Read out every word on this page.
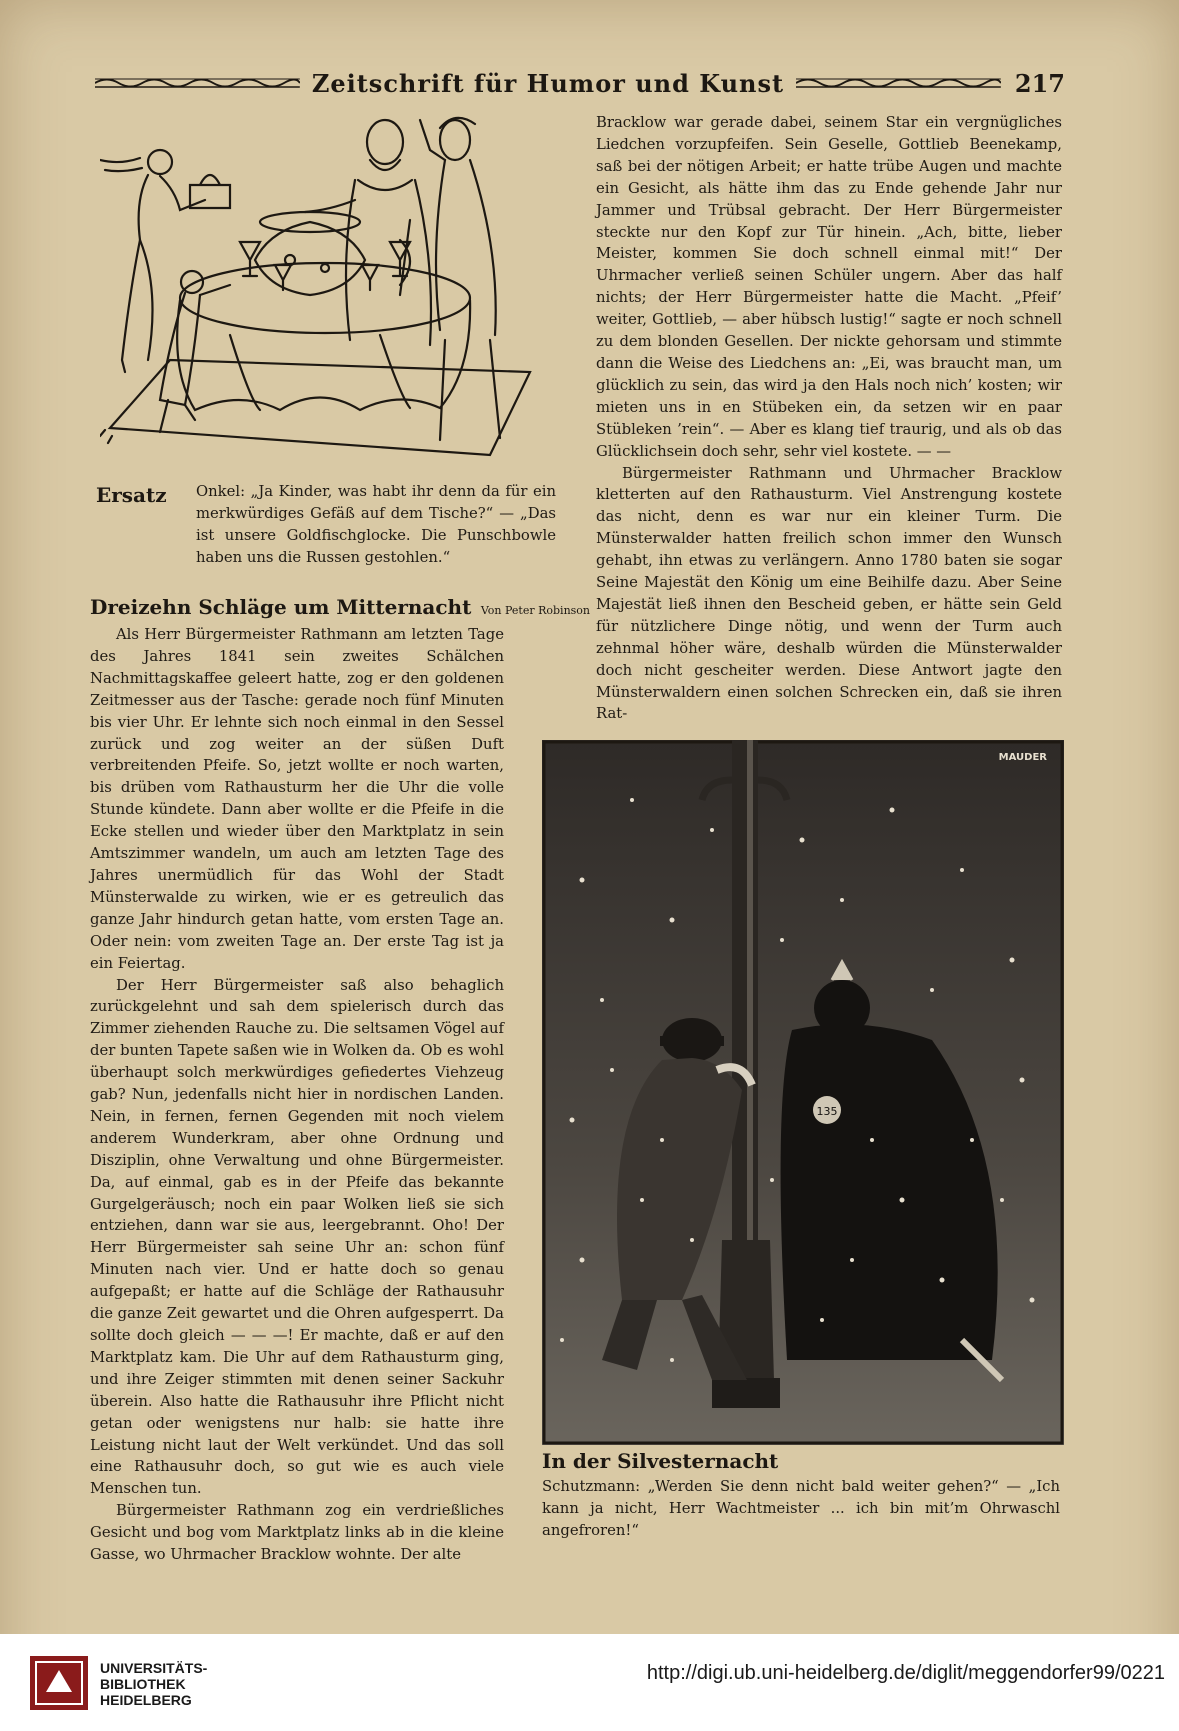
Zeitschrift für Humor und Kunst	217
Ersatz Onkel: „Ja Kinder, was habt ihr denn da für ein merkwürdiges Gefäß auf dem Tische?“ — „Das ist unsere Goldfischglocke. Die Punschbowle haben uns die Russen gestohlen.“
Dreizehn Schläge um Mitternacht Von Peter Robinson

Als Herr Bürgermeister Rathmann am letzten Tage des Jahres 1841 sein zweites Schälchen Nachmittagskaffee geleert hatte, zog er den goldenen Zeitmesser aus der Tasche: gerade noch fünf Minuten bis vier Uhr. Er lehnte sich noch einmal in den Sessel zurück und zog weiter an der süßen Duft verbreitenden Pfeife. So, jetzt wollte er noch warten, bis drüben vom Rathausturm her die Uhr die volle Stunde kündete. Dann aber wollte er die Pfeife in die Ecke stellen und wieder über den Marktplatz in sein Amtszimmer wandeln, um auch am letzten Tage des Jahres unermüdlich für das Wohl der Stadt Münsterwalde zu wirken, wie er es getreulich das ganze Jahr hindurch getan hatte, vom ersten Tage an. Oder nein: vom zweiten Tage an. Der erste Tag ist ja ein Feiertag.

Der Herr Bürgermeister saß also behaglich zurückgelehnt und sah dem spielerisch durch das Zimmer ziehenden Rauche zu. Die seltsamen Vögel auf der bunten Tapete saßen wie in Wolken da. Ob es wohl überhaupt solch merkwürdiges gefiedertes Viehzeug gab? Nun, jedenfalls nicht hier in nordischen Landen. Nein, in fernen, fernen Gegenden mit noch vielem anderem Wunderkram, aber ohne Ordnung und Disziplin, ohne Verwaltung und ohne Bürgermeister. Da, auf einmal, gab es in der Pfeife das bekannte Gurgelgeräusch; noch ein paar Wolken ließ sie sich entziehen, dann war sie aus, leergebrannt. Oho! Der Herr Bürgermeister sah seine Uhr an: schon fünf Minuten nach vier. Und er hatte doch so genau aufgepaßt; er hatte auf die Schläge der Rathausuhr die ganze Zeit gewartet und die Ohren aufgesperrt. Da sollte doch gleich — — —! Er machte, daß er auf den Marktplatz kam. Die Uhr auf dem Rathausturm ging, und ihre Zeiger stimmten mit denen seiner Sackuhr überein. Also hatte die Rathausuhr ihre Pflicht nicht getan oder wenigstens nur halb: sie hatte ihre Leistung nicht laut der Welt verkündet. Und das soll eine Rathausuhr doch, so gut wie es auch viele Menschen tun.

Bürgermeister Rathmann zog ein verdrießliches Gesicht und bog vom Marktplatz links ab in die kleine Gasse, wo Uhrmacher Bracklow wohnte. Der alte

Bracklow war gerade dabei, seinem Star ein vergnügliches Liedchen vorzupfeifen. Sein Geselle, Gottlieb Beenekamp, saß bei der nötigen Arbeit; er hatte trübe Augen und machte ein Gesicht, als hätte ihm das zu Ende gehende Jahr nur Jammer und Trübsal gebracht. Der Herr Bürgermeister steckte nur den Kopf zur Tür hinein. „Ach, bitte, lieber Meister, kommen Sie doch schnell einmal mit!“ Der Uhrmacher verließ seinen Schüler ungern. Aber das half nichts; der Herr Bürgermeister hatte die Macht. „Pfeif’ weiter, Gottlieb, — aber hübsch lustig!“ sagte er noch schnell zu dem blonden Gesellen. Der nickte gehorsam und stimmte dann die Weise des Liedchens an: „Ei, was braucht man, um glücklich zu sein, das wird ja den Hals noch nich’ kosten; wir mieten uns in en Stübeken ein, da setzen wir en paar Stübleken ’rein“. — Aber es klang tief traurig, und als ob das Glücklichsein doch sehr, sehr viel kostete. — —

Bürgermeister Rathmann und Uhrmacher Bracklow kletterten auf den Rathausturm. Viel Anstrengung kostete das nicht, denn es war nur ein kleiner Turm. Die Münsterwalder hatten freilich schon immer den Wunsch gehabt, ihn etwas zu verlängern. Anno 1780 baten sie sogar Seine Majestät den König um eine Beihilfe dazu. Aber Seine Majestät ließ ihnen den Bescheid geben, er hätte sein Geld für nützlichere Dinge nötig, und wenn der Turm auch zehnmal höher wäre, deshalb würden die Münsterwalder doch nicht gescheiter werden. Diese Antwort jagte den Münsterwaldern einen solchen Schrecken ein, daß sie ihren Rat-

135
MAUDER
In der Silvesternacht
Schutzmann: „Werden Sie denn nicht bald weiter gehen?“ — „Ich kann ja nicht, Herr Wachtmeister ... ich bin mit’m Ohrwaschl angefroren!“
UNIVERSITÄTS-
BIBLIOTHEK
HEIDELBERG
http://digi.ub.uni-heidelberg.de/diglit/meggendorfer99/0221
